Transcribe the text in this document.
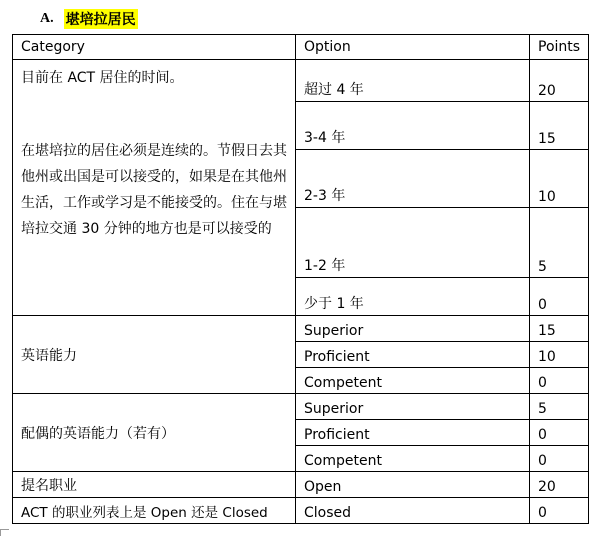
A. 堪培拉居民
Category	Option	Points

目前在 ACT 居住的时间。
在堪培拉的居住必须是连续的。节假日去其他州或出国是可以接受的，如果是在其他州生活，工作或学习是不能接受的。住在与堪培拉交通 30 分钟的地方也是可以接受的	超过 4 年	20
	3-4 年	15
	2-3 年	10
	1-2 年	5
	少于 1 年	0
英语能力	Superior	15
	Proficient	10
	Competent	0
配偶的英语能力（若有）	Superior	5
	Proficient	0
	Competent	0
提名职业	Open	20
ACT 的职业列表上是 Open 还是 Closed	Closed	0
